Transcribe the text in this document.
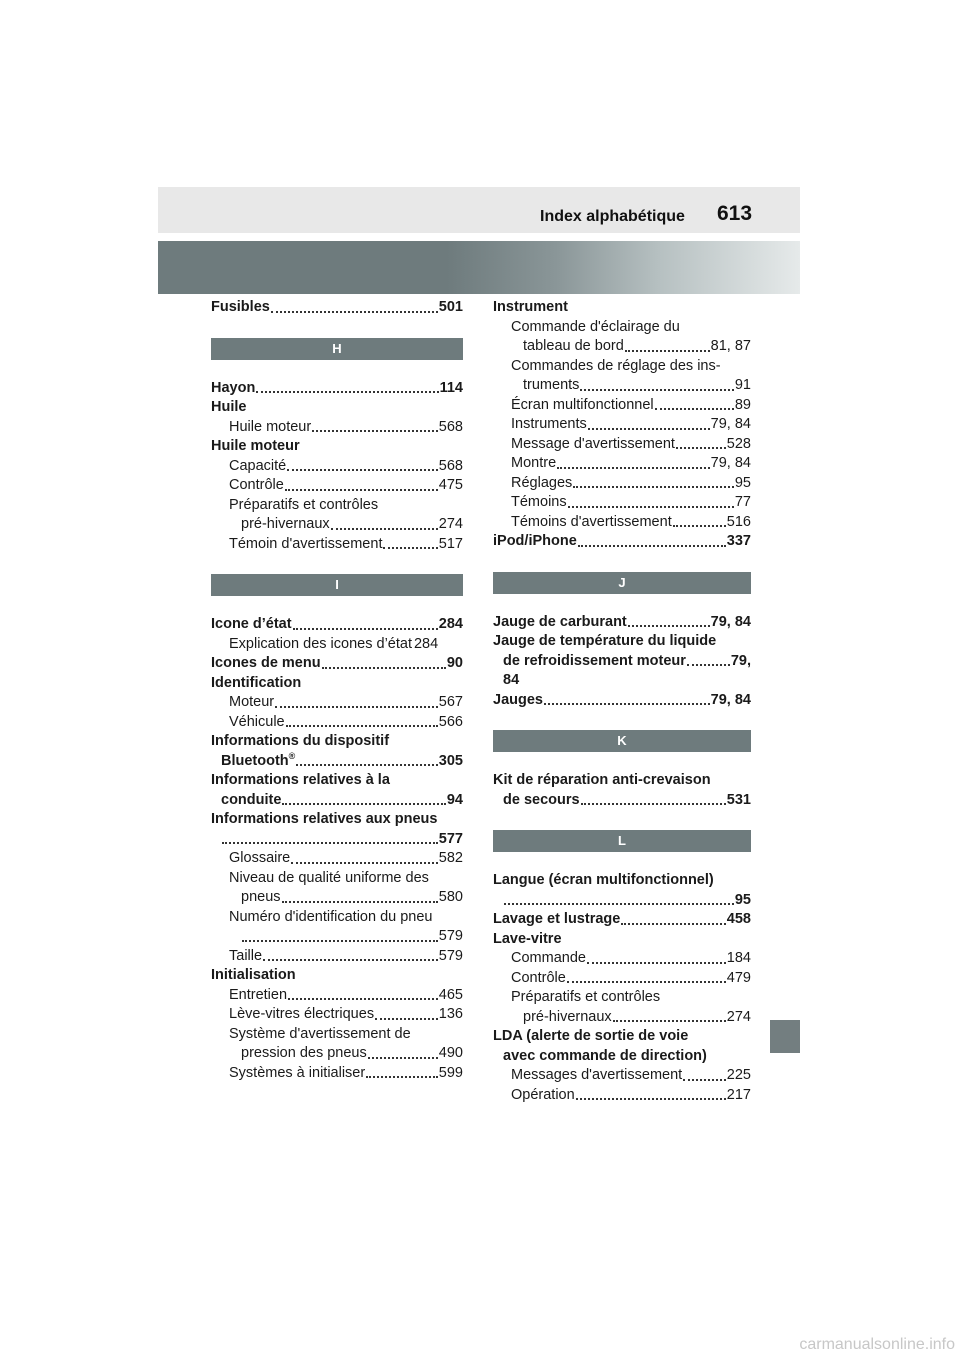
Index alphabétique 613
Fusibles	501
H
Hayon	114
Huile
Huile moteur	568
Huile moteur
Capacité	568
Contrôle	475
Préparatifs et contrôles
pré-hivernaux	274
Témoin d'avertissement	517
I
Icone d’état	284
Explication des icones d’état 284
Icones de menu	90
Identification
Moteur	567
Véhicule	566
Informations du dispositif
Bluetooth®	305
Informations relatives à la
conduite	94
Informations relatives aux pneus
577
Glossaire	582
Niveau de qualité uniforme des
pneus	580
Numéro d'identification du pneu
579
Taille	579
Initialisation
Entretien	465
Lève-vitres électriques	136
Système d'avertissement de
pression des pneus	490
Systèmes à initialiser	599
Instrument
Commande d'éclairage du
tableau de bord	81, 87
Commandes de réglage des ins-
truments	91
Écran multifonctionnel	89
Instruments	79, 84
Message d'avertissement	528
Montre	79, 84
Réglages	95
Témoins	77
Témoins d'avertissement	516
iPod/iPhone	337
J
Jauge de carburant	79, 84
Jauge de température du liquide
de refroidissement moteur	79,
84
Jauges	79, 84
K
Kit de réparation anti-crevaison
de secours	531
L
Langue (écran multifonctionnel)
95
Lavage et lustrage	458
Lave-vitre
Commande	184
Contrôle	479
Préparatifs et contrôles
pré-hivernaux	274
LDA (alerte de sortie de voie
avec commande de direction)
Messages d'avertissement	225
Opération	217
carmanualsonline.info
